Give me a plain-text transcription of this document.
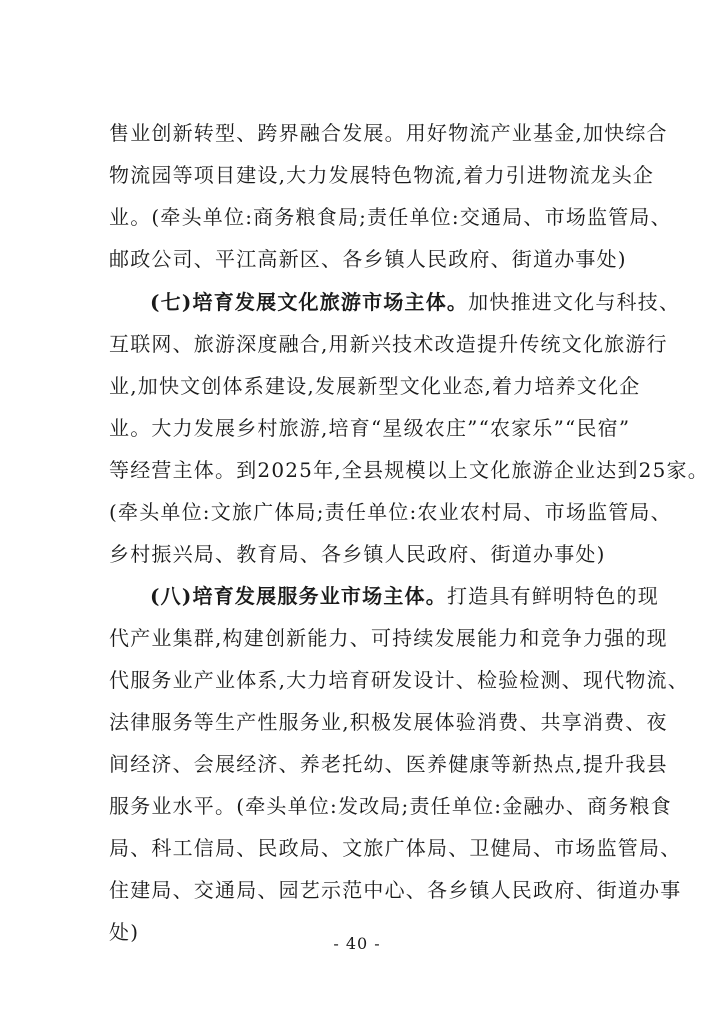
售业创新转型、跨界融合发展。用好物流产业基金,加快综合
物流园等项目建设,大力发展特色物流,着力引进物流龙头企
业。(牵头单位:商务粮食局;责任单位:交通局、市场监管局、
邮政公司、平江高新区、各乡镇人民政府、街道办事处)
(七)培育发展文化旅游市场主体。加快推进文化与科技、
互联网、旅游深度融合,用新兴技术改造提升传统文化旅游行
业,加快文创体系建设,发展新型文化业态,着力培养文化企
业。大力发展乡村旅游,培育“星级农庄”“农家乐”“民宿”
等经营主体。到2025年,全县规模以上文化旅游企业达到25家。
(牵头单位:文旅广体局;责任单位:农业农村局、市场监管局、
乡村振兴局、教育局、各乡镇人民政府、街道办事处)
(八)培育发展服务业市场主体。打造具有鲜明特色的现
代产业集群,构建创新能力、可持续发展能力和竞争力强的现
代服务业产业体系,大力培育研发设计、检验检测、现代物流、
法律服务等生产性服务业,积极发展体验消费、共享消费、夜
间经济、会展经济、养老托幼、医养健康等新热点,提升我县
服务业水平。(牵头单位:发改局;责任单位:金融办、商务粮食
局、科工信局、民政局、文旅广体局、卫健局、市场监管局、
住建局、交通局、园艺示范中心、各乡镇人民政府、街道办事
处)	- 40 -
